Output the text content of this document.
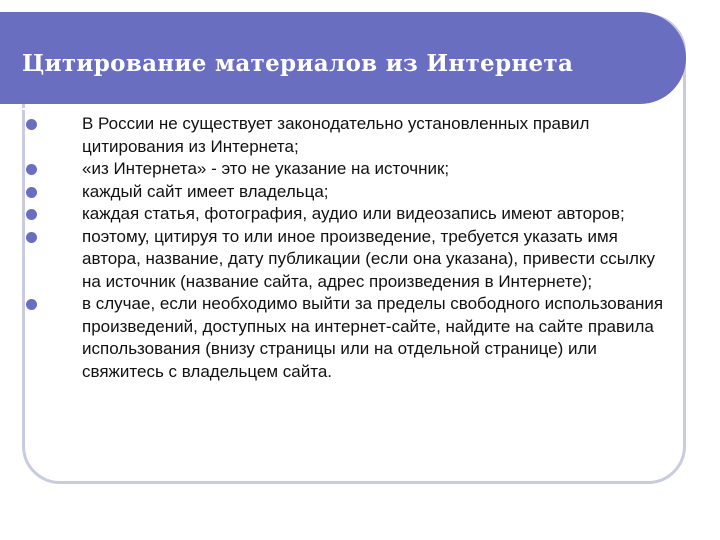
Цитирование материалов из Интернета
В России не существует законодательно установленных правил цитирования из Интернета;
«из Интернета» - это не указание на источник;
каждый сайт имеет владельца;
каждая статья, фотография, аудио или видеозапись имеют авторов;
поэтому, цитируя то или иное произведение, требуется указать имя автора, название, дату публикации (если она указана), привести ссылку на источник (название сайта, адрес произведения в Интернете);
в случае, если необходимо выйти за пределы свободного использования произведений, доступных на интернет-сайте, найдите на сайте правила использования (внизу страницы или на отдельной странице) или свяжитесь с владельцем сайта.
